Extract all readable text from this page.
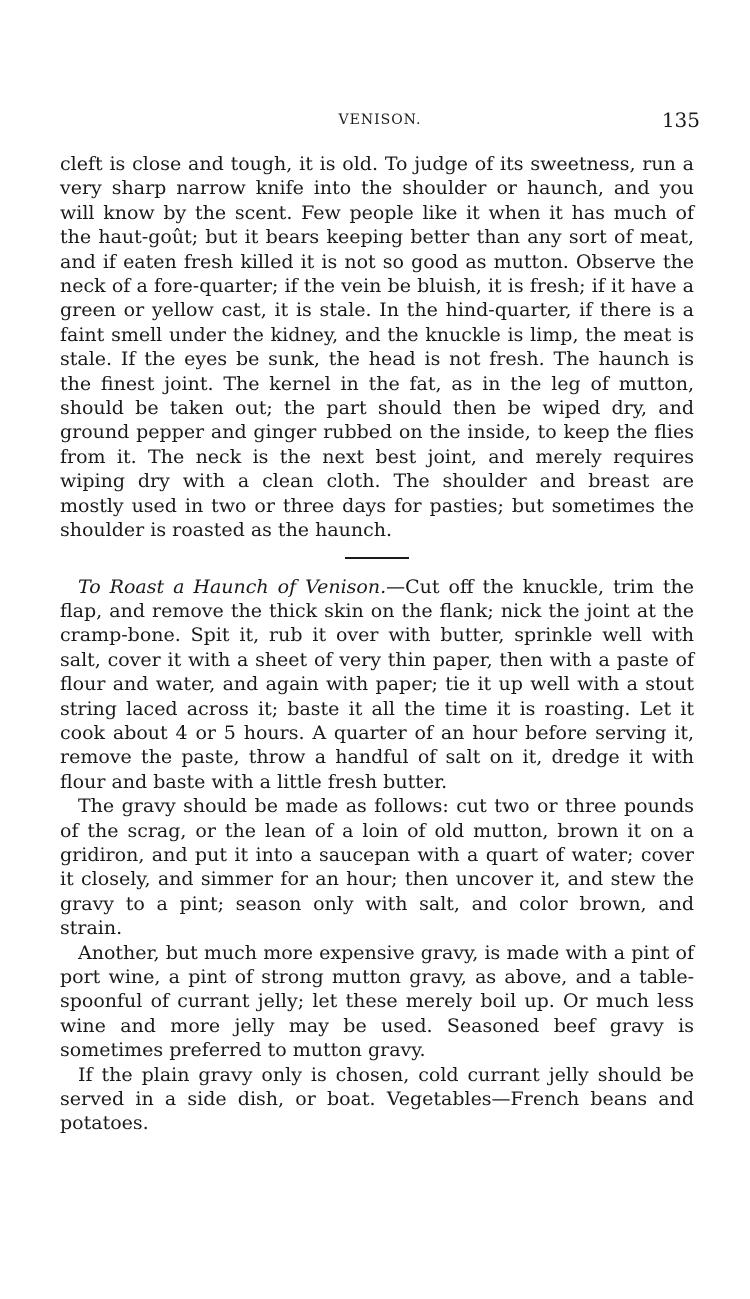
VENISON.	135

cleft is close and tough, it is old. To judge of its sweetness, run a very sharp narrow knife into the shoulder or haunch, and you will know by the scent. Few people like it when it has much of the haut-goût; but it bears keeping better than any sort of meat, and if eaten fresh killed it is not so good as mutton. Observe the neck of a fore-quarter; if the vein be bluish, it is fresh; if it have a green or yellow cast, it is stale. In the hind-quarter, if there is a faint smell under the kidney, and the knuckle is limp, the meat is stale. If the eyes be sunk, the head is not fresh. The haunch is the finest joint. The kernel in the fat, as in the leg of mutton, should be taken out; the part should then be wiped dry, and ground pepper and ginger rubbed on the inside, to keep the flies from it. The neck is the next best joint, and merely requires wiping dry with a clean cloth. The shoulder and breast are mostly used in two or three days for pasties; but sometimes the shoulder is roasted as the haunch.

To Roast a Haunch of Venison.—Cut off the knuckle, trim the flap, and remove the thick skin on the flank; nick the joint at the cramp-bone. Spit it, rub it over with butter, sprinkle well with salt, cover it with a sheet of very thin paper, then with a paste of flour and water, and again with paper; tie it up well with a stout string laced across it; baste it all the time it is roasting. Let it cook about 4 or 5 hours. A quarter of an hour before serving it, remove the paste, throw a handful of salt on it, dredge it with flour and baste with a little fresh butter.

The gravy should be made as follows: cut two or three pounds of the scrag, or the lean of a loin of old mutton, brown it on a gridiron, and put it into a saucepan with a quart of water; cover it closely, and simmer for an hour; then uncover it, and stew the gravy to a pint; season only with salt, and color brown, and strain.

Another, but much more expensive gravy, is made with a pint of port wine, a pint of strong mutton gravy, as above, and a table-spoonful of currant jelly; let these merely boil up. Or much less wine and more jelly may be used. Seasoned beef gravy is sometimes preferred to mutton gravy.

If the plain gravy only is chosen, cold currant jelly should be served in a side dish, or boat. Vegetables—French beans and potatoes.
